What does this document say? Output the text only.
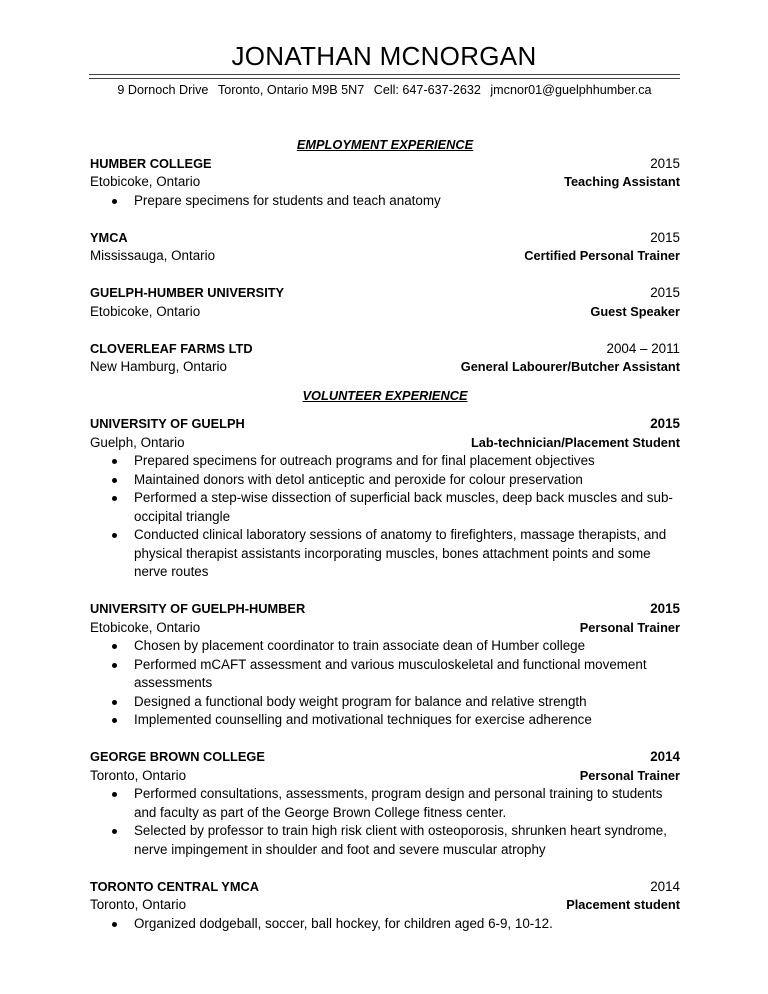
JONATHAN MCNORGAN
9 Dornoch Drive Toronto, Ontario M9B 5N7 Cell: 647-637-2632 jmcnor01@guelphhumber.ca
EMPLOYMENT EXPERIENCE
HUMBER COLLEGE	2015
Etobicoke, Ontario	Teaching Assistant
Prepare specimens for students and teach anatomy
YMCA	2015
Mississauga, Ontario	Certified Personal Trainer
GUELPH-HUMBER UNIVERSITY	2015
Etobicoke, Ontario	Guest Speaker
CLOVERLEAF FARMS LTD	2004 – 2011
New Hamburg, Ontario	General Labourer/Butcher Assistant
VOLUNTEER EXPERIENCE
UNIVERSITY OF GUELPH	2015
Guelph, Ontario	Lab-technician/Placement Student
Prepared specimens for outreach programs and for final placement objectives
Maintained donors with detol anticeptic and peroxide for colour preservation
Performed a step-wise dissection of superficial back muscles, deep back muscles and sub-occipital triangle
Conducted clinical laboratory sessions of anatomy to firefighters, massage therapists, and physical therapist assistants incorporating muscles, bones attachment points and some nerve routes
UNIVERSITY OF GUELPH-HUMBER	2015
Etobicoke, Ontario	Personal Trainer
Chosen by placement coordinator to train associate dean of Humber college
Performed mCAFT assessment and various musculoskeletal and functional movement assessments
Designed a functional body weight program for balance and relative strength
Implemented counselling and motivational techniques for exercise adherence
GEORGE BROWN COLLEGE	2014
Toronto, Ontario	Personal Trainer
Performed consultations, assessments, program design and personal training to students and faculty as part of the George Brown College fitness center.
Selected by professor to train high risk client with osteoporosis, shrunken heart syndrome, nerve impingement in shoulder and foot and severe muscular atrophy
TORONTO CENTRAL YMCA	2014
Toronto, Ontario	Placement student
Organized dodgeball, soccer, ball hockey, for children aged 6-9, 10-12.
